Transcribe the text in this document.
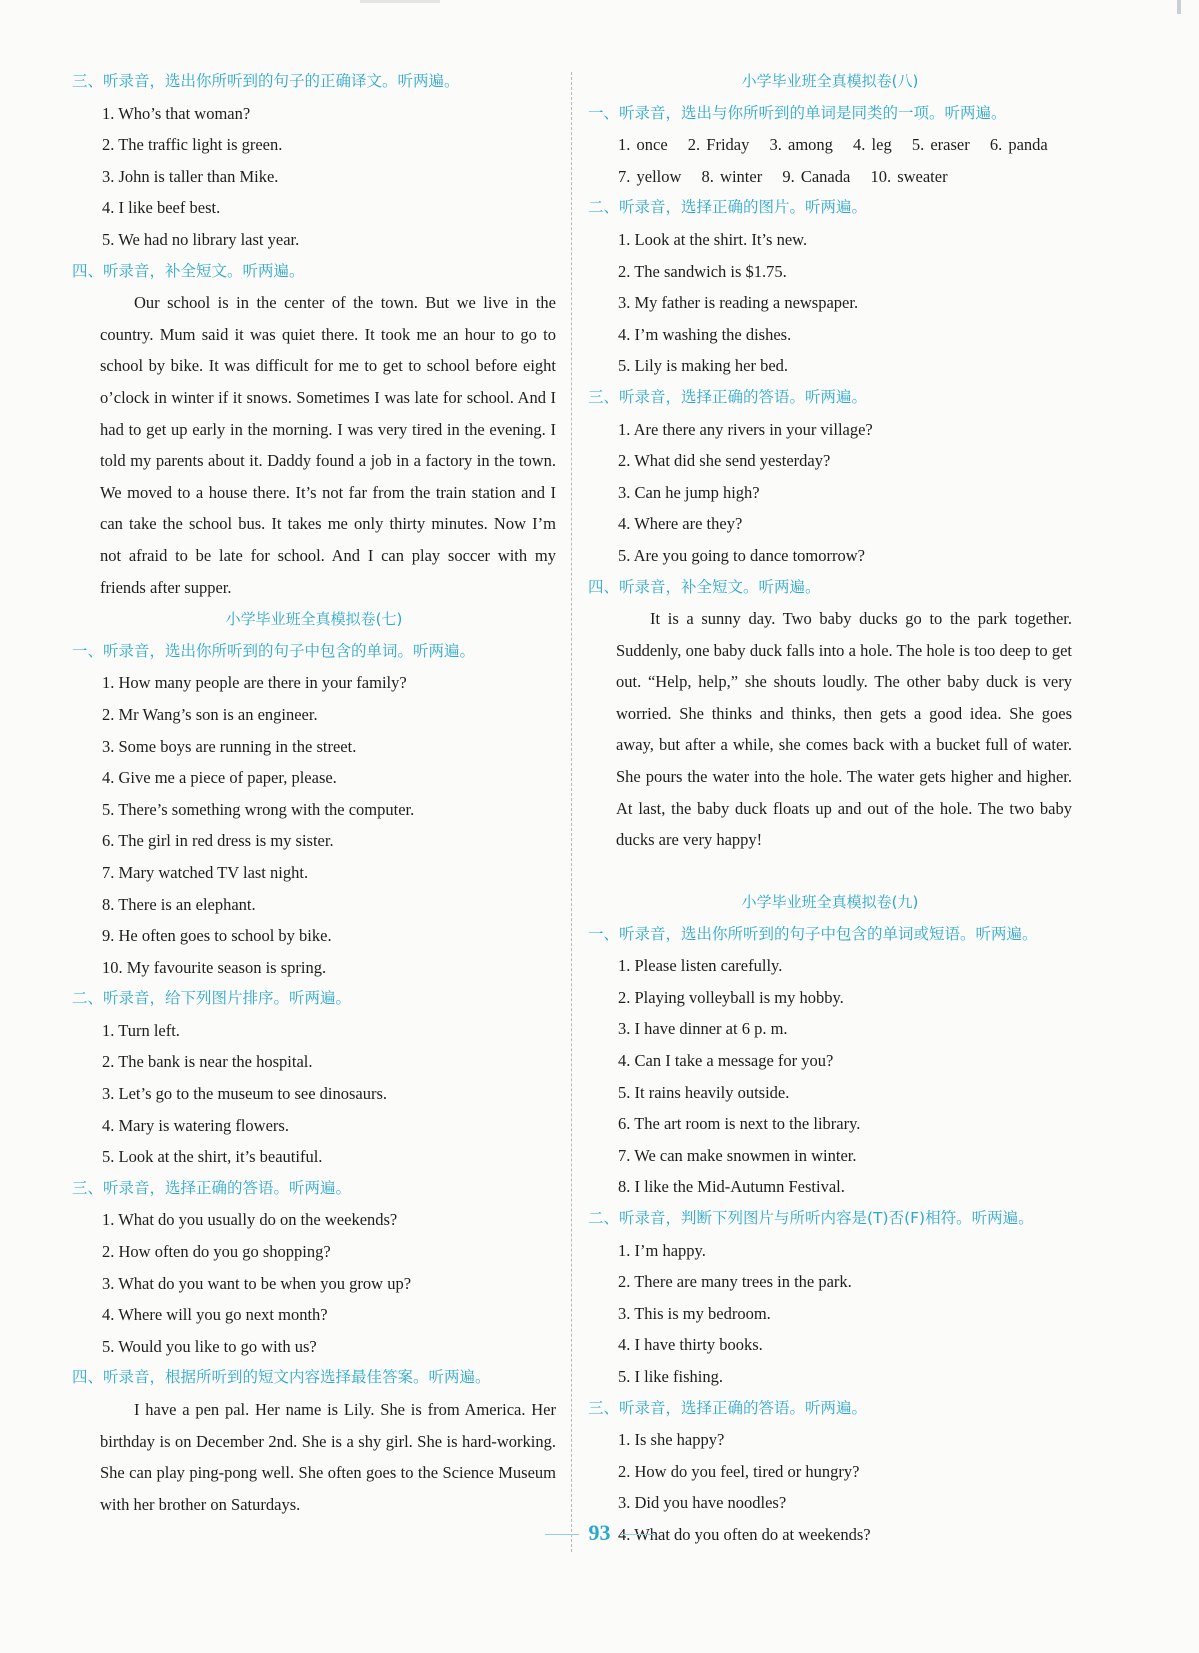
三、听录音，选出你所听到的句子的正确译文。听两遍。
1. Who’s that woman?
2. The traffic light is green.
3. John is taller than Mike.
4. I like beef best.
5. We had no library last year.
四、听录音，补全短文。听两遍。

Our school is in the center of the town. But we live in the country. Mum said it was quiet there. It took me an hour to go to school by bike. It was difficult for me to get to school before eight o’clock in winter if it snows. Sometimes I was late for school. And I had to get up early in the morning. I was very tired in the evening. I told my parents about it. Daddy found a job in a factory in the town. We moved to a house there. It’s not far from the train station and I can take the school bus. It takes me only thirty minutes. Now I’m not afraid to be late for school. And I can play soccer with my friends after supper.

小学毕业班全真模拟卷(七)
一、听录音，选出你所听到的句子中包含的单词。听两遍。
1. How many people are there in your family?
2. Mr Wang’s son is an engineer.
3. Some boys are running in the street.
4. Give me a piece of paper, please.
5. There’s something wrong with the computer.
6. The girl in red dress is my sister.
7. Mary watched TV last night.
8. There is an elephant.
9. He often goes to school by bike.
10. My favourite season is spring.
二、听录音，给下列图片排序。听两遍。
1. Turn left.
2. The bank is near the hospital.
3. Let’s go to the museum to see dinosaurs.
4. Mary is watering flowers.
5. Look at the shirt, it’s beautiful.
三、听录音，选择正确的答语。听两遍。
1. What do you usually do on the weekends?
2. How often do you go shopping?
3. What do you want to be when you grow up?
4. Where will you go next month?
5. Would you like to go with us?
四、听录音，根据所听到的短文内容选择最佳答案。听两遍。

I have a pen pal. Her name is Lily. She is from America. Her birthday is on December 2nd. She is a shy girl. She is hard-working. She can play ping-pong well. She often goes to the Science Museum with her brother on Saturdays.

小学毕业班全真模拟卷(八)
一、听录音，选出与你所听到的单词是同类的一项。听两遍。
1. once 2. Friday 3. among 4. leg 5. eraser 6. panda
7. yellow 8. winter 9. Canada 10. sweater
二、听录音，选择正确的图片。听两遍。
1. Look at the shirt. It’s new.
2. The sandwich is $1.75.
3. My father is reading a newspaper.
4. I’m washing the dishes.
5. Lily is making her bed.
三、听录音，选择正确的答语。听两遍。
1. Are there any rivers in your village?
2. What did she send yesterday?
3. Can he jump high?
4. Where are they?
5. Are you going to dance tomorrow?
四、听录音，补全短文。听两遍。

It is a sunny day. Two baby ducks go to the park together. Suddenly, one baby duck falls into a hole. The hole is too deep to get out. “Help, help,” she shouts loudly. The other baby duck is very worried. She thinks and thinks, then gets a good idea. She goes away, but after a while, she comes back with a bucket full of water. She pours the water into the hole. The water gets higher and higher. At last, the baby duck floats up and out of the hole. The two baby ducks are very happy!

小学毕业班全真模拟卷(九)
一、听录音，选出你所听到的句子中包含的单词或短语。听两遍。
1. Please listen carefully.
2. Playing volleyball is my hobby.
3. I have dinner at 6 p. m.
4. Can I take a message for you?
5. It rains heavily outside.
6. The art room is next to the library.
7. We can make snowmen in winter.
8. I like the Mid-Autumn Festival.
二、听录音，判断下列图片与所听内容是(T)否(F)相符。听两遍。
1. I’m happy.
2. There are many trees in the park.
3. This is my bedroom.
4. I have thirty books.
5. I like fishing.
三、听录音，选择正确的答语。听两遍。
1. Is she happy?
2. How do you feel, tired or hungry?
3. Did you have noodles?
4. What do you often do at weekends?
93
